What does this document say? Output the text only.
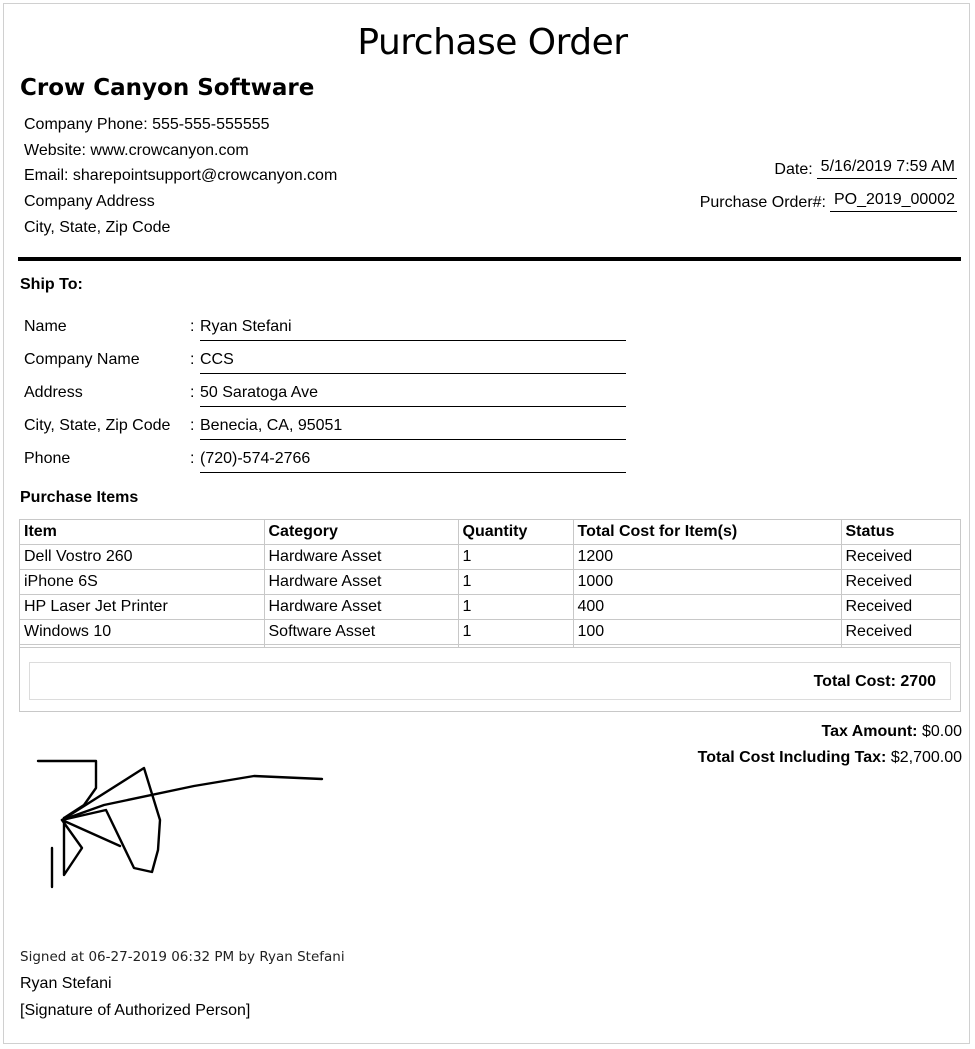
Purchase Order
Crow Canyon Software
Company Phone: 555-555-555555
Website: www.crowcanyon.com
Email: sharepointsupport@crowcanyon.com
Company Address
City, State, Zip Code
Date: 5/16/2019 7:59 AM
Purchase Order#: PO_2019_00002
Ship To:
Name	: Ryan Stefani
Company Name	: CCS
Address	: 50 Saratoga Ave
City, State, Zip Code : Benecia, CA, 95051
Phone	: (720)-574-2766
Purchase Items
Item	Category	Quantity	Total Cost for Item(s)	Status
Dell Vostro 260	Hardware Asset	1	1200	Received
iPhone 6S	Hardware Asset	1	1000	Received
HP Laser Jet Printer	Hardware Asset	1	400	Received
Windows 10	Software Asset	1	100	Received

Total Cost: 2700
Tax Amount: $0.00
Total Cost Including Tax: $2,700.00
Signed at 06-27-2019 06:32 PM by Ryan Stefani
Ryan Stefani
[Signature of Authorized Person]
